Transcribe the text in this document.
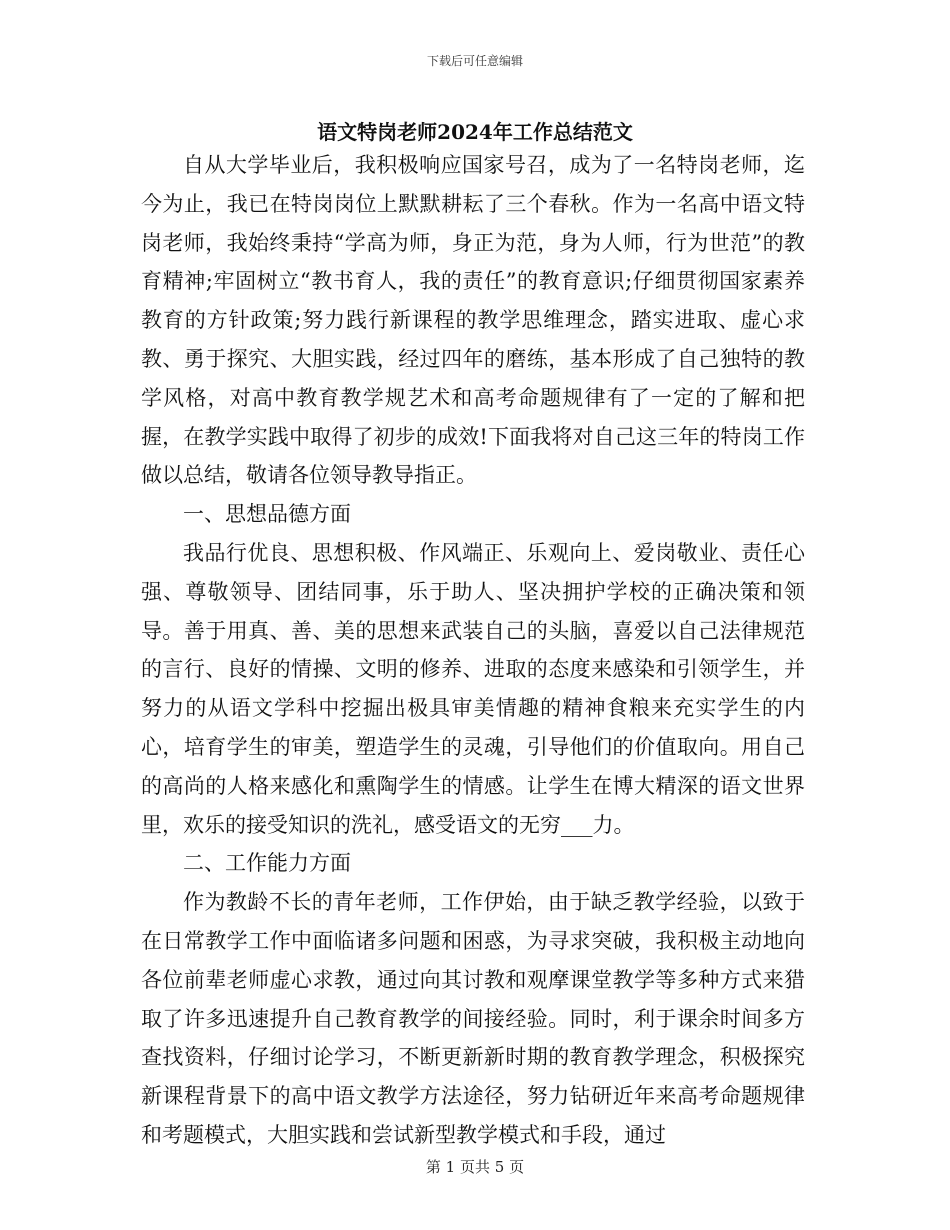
下载后可任意编辑
语文特岗老师2024年工作总结范文

自从大学毕业后，我积极响应国家号召，成为了一名特岗老师，迄今为止，我已在特岗岗位上默默耕耘了三个春秋。作为一名高中语文特岗老师，我始终秉持“学高为师，身正为范，身为人师，行为世范”的教育精神;牢固树立“教书育人，我的责任”的教育意识;仔细贯彻国家素养教育的方针政策;努力践行新课程的教学思维理念，踏实进取、虚心求教、勇于探究、大胆实践，经过四年的磨练，基本形成了自己独特的教学风格，对高中教育教学规艺术和高考命题规律有了一定的了解和把握，在教学实践中取得了初步的成效!下面我将对自己这三年的特岗工作做以总结，敬请各位领导教导指正。

一、思想品德方面

我品行优良、思想积极、作风端正、乐观向上、爱岗敬业、责任心强、尊敬领导、团结同事，乐于助人、坚决拥护学校的正确决策和领导。善于用真、善、美的思想来武装自己的头脑，喜爱以自己法律规范的言行、良好的情操、文明的修养、进取的态度来感染和引领学生，并努力的从语文学科中挖掘出极具审美情趣的精神食粮来充实学生的内心，培育学生的审美，塑造学生的灵魂，引导他们的价值取向。用自己的高尚的人格来感化和熏陶学生的情感。让学生在博大精深的语文世界里，欢乐的接受知识的洗礼，感受语文的无穷___力。

二、工作能力方面

作为教龄不长的青年老师，工作伊始，由于缺乏教学经验，以致于在日常教学工作中面临诸多问题和困惑，为寻求突破，我积极主动地向各位前辈老师虚心求教，通过向其讨教和观摩课堂教学等多种方式来猎取了许多迅速提升自己教育教学的间接经验。同时，利于课余时间多方查找资料，仔细讨论学习，不断更新新时期的教育教学理念，积极探究新课程背景下的高中语文教学方法途径，努力钻研近年来高考命题规律和考题模式，大胆实践和尝试新型教学模式和手段，通过

第 1 页共 5 页
